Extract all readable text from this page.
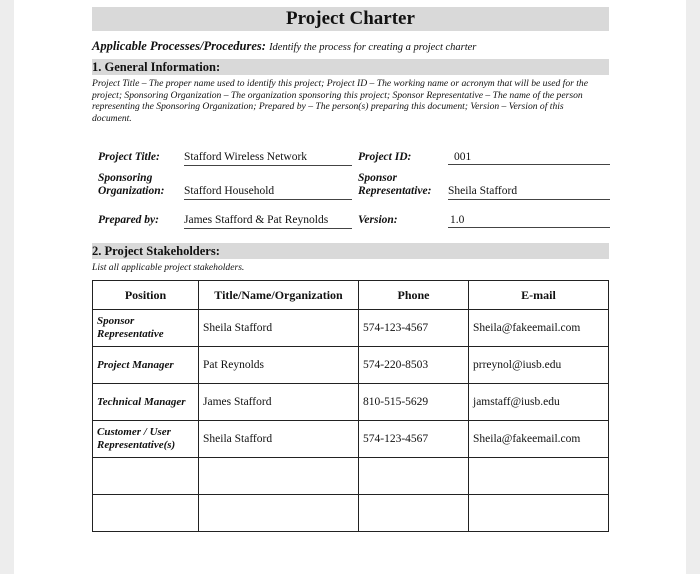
Project Charter
Applicable Processes/Procedures: Identify the process for creating a project charter
1. General Information:
Project Title – The proper name used to identify this project; Project ID – The working name or acronym that will be used for the project; Sponsoring Organization – The organization sponsoring this project; Sponsor Representative – The name of the person representing the Sponsoring Organization; Prepared by – The person(s) preparing this document; Version – Version of this document.
Project Title: Stafford Wireless Network	Project ID:	001
Sponsoring
Organization: Stafford Household
Sponsor
Representative: Sheila Stafford
Prepared by: James Stafford & Pat Reynolds	Version:	1.0
2. Project Stakeholders:
List all applicable project stakeholders.
Position	Title/Name/Organization	Phone	E-mail
Sponsor Representative	Sheila Stafford	574-123-4567	Sheila@fakeemail.com
Project Manager	Pat Reynolds	574-220-8503	prreynol@iusb.edu
Technical Manager	James Stafford	810-515-5629	jamstaff@iusb.edu
Customer / User Representative(s)	Sheila Stafford	574-123-4567	Sheila@fakeemail.com
